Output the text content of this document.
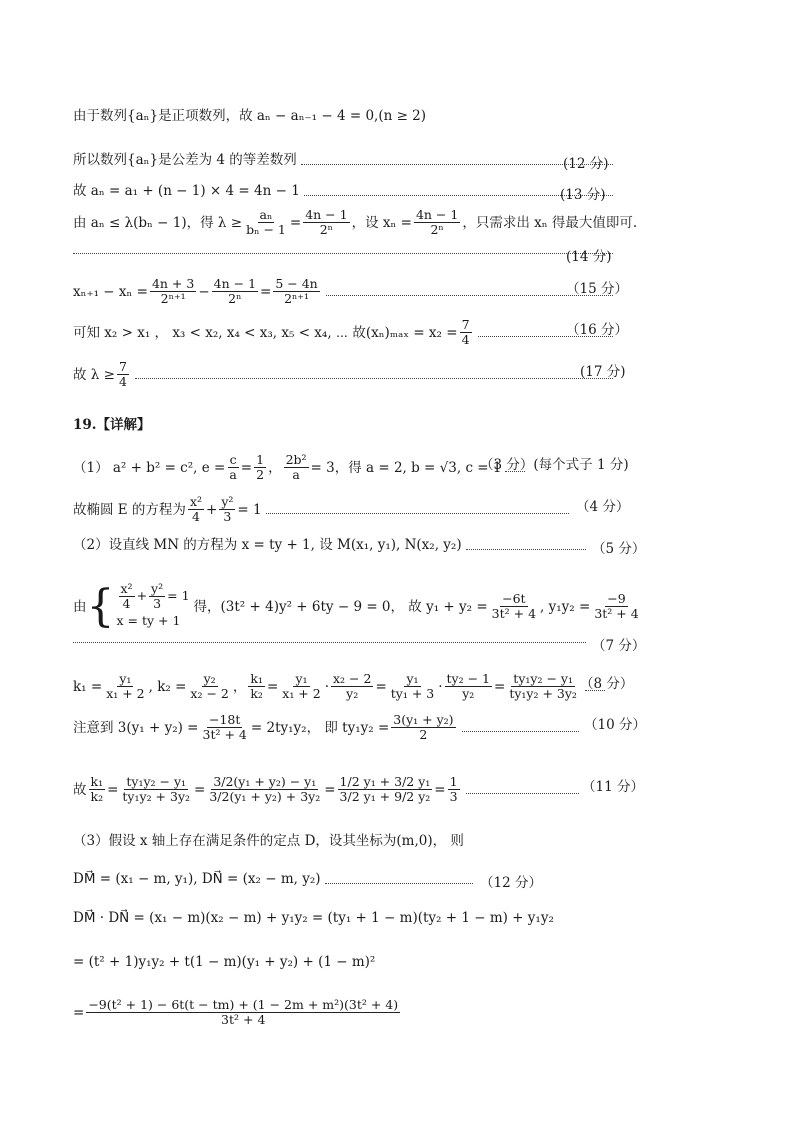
由于数列{aₙ}是正项数列，故 aₙ − aₙ₋₁ − 4 = 0,(n ≥ 2)
所以数列{aₙ}是公差为 4 的等差数列	(12 分)
故 aₙ = a₁ + (n − 1) × 4 = 4n − 1	(13 分)
由 aₙ ≤ λ(bₙ − 1)，得 $\lambda \ge \frac{\text{aₙ}}{\text{bₙ − 1}} = \frac{4n - 1}{\text{2ⁿ}}$ ，设 $x_n = \frac{4n - 1}{\text{2ⁿ}}$ ，只需求出 xₙ 得最大值即可.
(14 分)
$x_{n+1} - x_n = \frac{4n + 3}{\text{2ⁿ⁺¹}} - \frac{4n - 1}{\text{2ⁿ}} = \frac{5 - 4n}{\text{2ⁿ⁺¹}}$	（15 分）
可知 x₂ > x₁ ， x₃ < x₂, x₄ < x₃, x₅ < x₄, ⋯ 故$(x_n)_{max} = x_2 = \frac{7}{4}$	（16 分）
故 $\lambda \ge \frac{7}{4}$	(17 分)
19.【详解】
（1） a² + b² = c², $e = \frac{c}{a} = \frac{1}{2}$ ， $\frac{\text{2b²}}{a} = 3$，得 a = 2, b = √3, c = 1
（3 分）(每个式子 1 分)
故椭圆 E 的方程为 $\frac{\text{x²}}{4} + \frac{\text{y²}}{3} = 1$	（4 分）
（2）设直线 MN 的方程为 x = ty + 1, 设 M(x₁, y₁), N(x₂, y₂)	（5 分）
由 { $\frac{\text{x²}}{4} + \frac{\text{y²}}{3} = 1$
x = ty + 1
得，(3t² + 4)y² + 6ty − 9 = 0， 故 $y_1 + y_2 = \frac{-6t}{\text{3t² + 4}}$ , $y_1y_2 = \frac{-9}{\text{3t² + 4}}$
（7 分）
$k_1 = \frac{\text{y₁}}{\text{x₁ + 2}}$ , $k_2 = \frac{\text{y₂}}{\text{x₂ − 2}}$ ， $\frac{\text{k₁}}{\text{k₂}} = \frac{\text{y₁}}{\text{x₁ + 2}} \cdot \frac{\text{x₂ − 2}}{\text{y₂}} = \frac{\text{y₁}}{\text{ty₁ + 3}} \cdot \frac{\text{ty₂ − 1}}{\text{y₂}} = \frac{\text{ty₁y₂ − y₁}}{\text{ty₁y₂ + 3y₂}} (8$ 分）
注意到 $3(y_1 + y_2) = \frac{-18t}{\text{3t² + 4}} = 2ty_1y_2$， 即 $ty_1y_2 = \frac{\text{3(y₁ + y₂)}}{2}$	（10 分）
故 $\frac{\text{k₁}}{\text{k₂}} = \frac{\text{ty₁y₂ − y₁}}{\text{ty₁y₂ + 3y₂}} = \frac{\text{3/2(y₁ + y₂) − y₁}}{\text{3/2(y₁ + y₂) + 3y₂}} = \frac{\text{1/2 y₁ + 3/2 y₁}}{\text{3/2 y₁ + 9/2 y₂}} = \frac{1}{3}$	（11 分）
（3）假设 x 轴上存在满足条件的定点 D，设其坐标为(m,0)， 则
DM⃗ = (x₁ − m, y₁), DN⃗ = (x₂ − m, y₂)	（12 分）
DM⃗ · DN⃗ = (x₁ − m)(x₂ − m) + y₁y₂ = (ty₁ + 1 − m)(ty₂ + 1 − m) + y₁y₂
= (t² + 1)y₁y₂ + t(1 − m)(y₁ + y₂) + (1 − m)²
= $\frac{\text{−9(t² + 1) − 6t(t − tm) + (1 − 2m + m²)(3t² + 4)}}{\text{3t² + 4}}$
